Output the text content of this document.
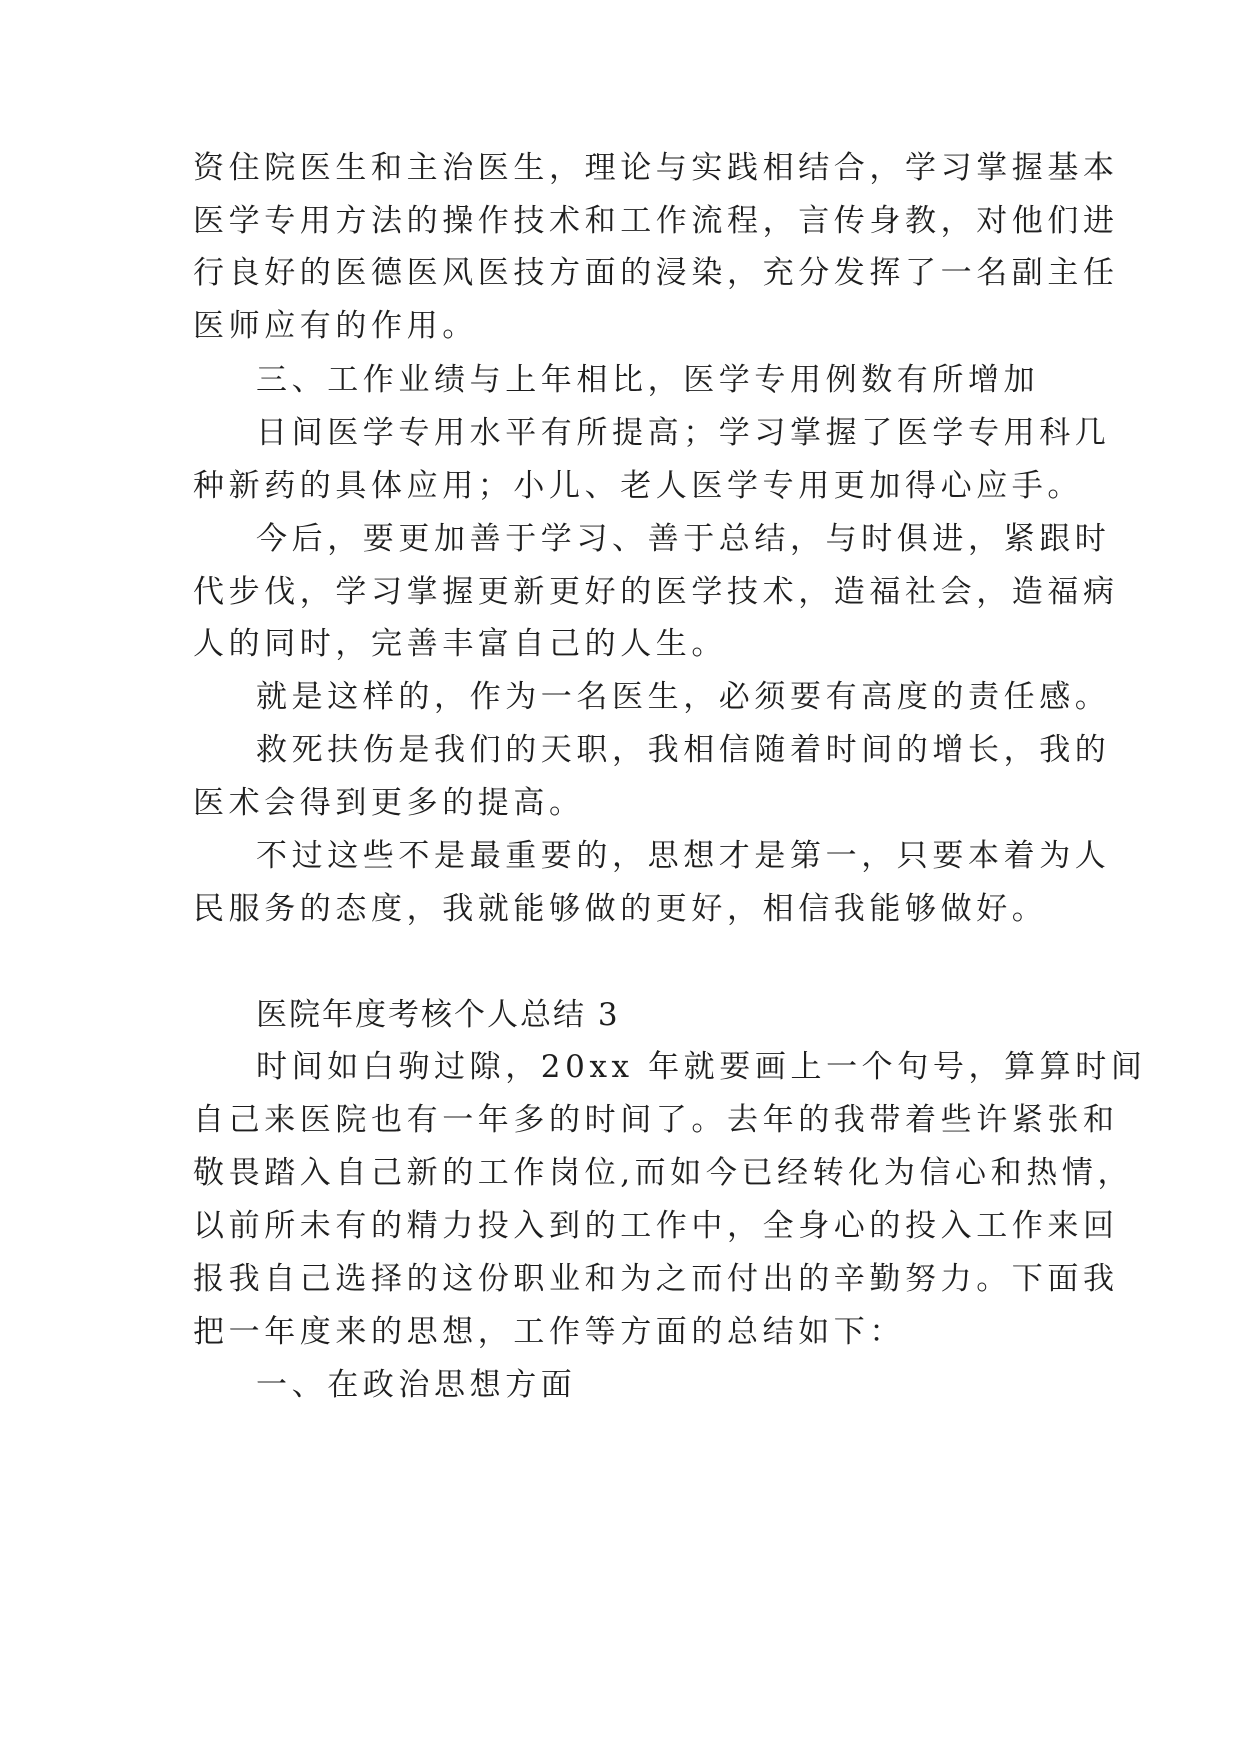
资住院医生和主治医生，理论与实践相结合，学习掌握基本
医学专用方法的操作技术和工作流程，言传身教，对他们进
行良好的医德医风医技方面的浸染，充分发挥了一名副主任
医师应有的作用。
三、工作业绩与上年相比，医学专用例数有所增加
日间医学专用水平有所提高；学习掌握了医学专用科几
种新药的具体应用；小儿、老人医学专用更加得心应手。
今后，要更加善于学习、善于总结，与时俱进，紧跟时
代步伐，学习掌握更新更好的医学技术，造福社会，造福病
人的同时，完善丰富自己的人生。
就是这样的，作为一名医生，必须要有高度的责任感。
救死扶伤是我们的天职，我相信随着时间的增长，我的
医术会得到更多的提高。
不过这些不是最重要的，思想才是第一，只要本着为人
民服务的态度，我就能够做的更好，相信我能够做好。
医院年度考核个人总结 3
时间如白驹过隙，20xx 年就要画上一个句号，算算时间
自己来医院也有一年多的时间了。去年的我带着些许紧张和
敬畏踏入自己新的工作岗位,而如今已经转化为信心和热情，
以前所未有的精力投入到的工作中，全身心的投入工作来回
报我自己选择的这份职业和为之而付出的辛勤努力。下面我
把一年度来的思想，工作等方面的总结如下：
一、在政治思想方面
